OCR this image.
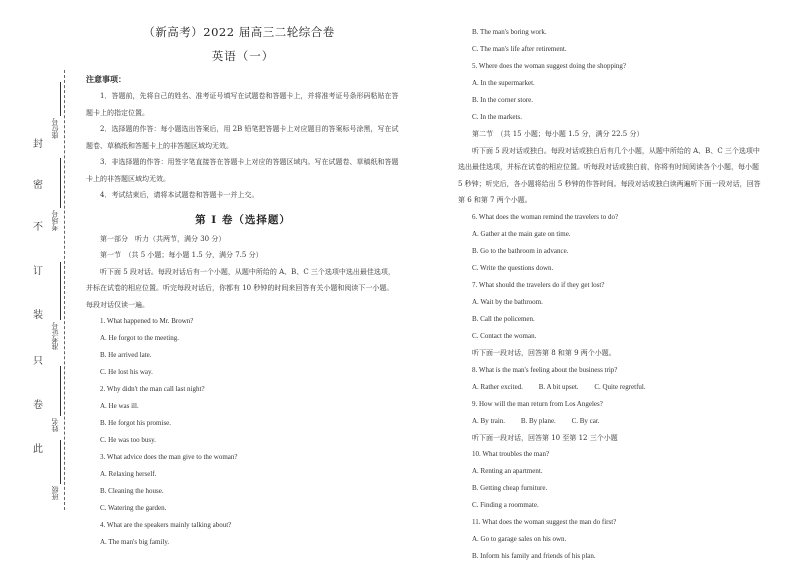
封
密
不
订
装
只
卷
此
座位号
考场号
准考证号
姓名
班级
（新高考）2022 届高三二轮综合卷
英语（一）
注意事项：

1．答题前，先将自己的姓名、准考证号填写在试题卷和答题卡上，并将准考证号条形码粘贴在答题卡上的指定位置。

2．选择题的作答：每小题选出答案后，用 2B 铅笔把答题卡上对应题目的答案标号涂黑，写在试题卷、草稿纸和答题卡上的非答题区域均无效。

3．非选择题的作答：用签字笔直接答在答题卡上对应的答题区域内。写在试题卷、草稿纸和答题卡上的非答题区域均无效。

4．考试结束后，请将本试题卷和答题卡一并上交。

第 I 卷（选择题）
第一部分　听力（共两节，满分 30 分）
第一节　（共 5 小题；每小题 1.5 分，满分 7.5 分）

听下面 5 段对话。每段对话后有一个小题，从题中所给的 A、B、C 三个选项中选出最佳选项，并标在试卷的相应位置。听完每段对话后，你都有 10 秒钟的时间来回答有关小题和阅读下一小题。每段对话仅读一遍。

1. What happened to Mr. Brown?
A. He forgot to the meeting.
B. He arrived late.
C. He lost his way.
2. Why didn't the man call last night?
A. He was ill.
B. He forgot his promise.
C. He was too busy.
3. What advice does the man give to the woman?
A. Relaxing herself.
B. Cleaning the house.
C. Watering the garden.
4. What are the speakers mainly talking about?
A. The man's big family.
B. The man's boring work.
C. The man's life after retirement.
5. Where does the woman suggest doing the shopping?
A. In the supermarket.
B. In the corner store.
C. In the markets.
第二节　（共 15 小题；每小题 1.5 分，满分 22.5 分）

听下面 5 段对话或独白。每段对话或独白后有几个小题，从题中所给的 A、B、C 三个选项中选出最佳选项，并标在试卷的相应位置。听每段对话或独白前，你将有时间阅读各个小题，每小题 5 秒钟；听完后，各小题将给出 5 秒钟的作答时间。每段对话或独白读两遍听下面一段对话，回答第 6 和第 7 两个小题。

6. What does the woman remind the travelers to do?
A. Gather at the main gate on time.
B. Go to the bathroom in advance.
C. Write the questions down.
7. What should the travelers do if they get lost?
A. Wait by the bathroom.
B. Call the policemen.
C. Contact the woman.
听下面一段对话，回答第 8 和第 9 两个小题。
8. What is the man's feeling about the business trip?
A. Rather excited. B. A bit upset. C. Quite regretful.
9. How will the man return from Los Angeles?
A. By train. B. By plane. C. By car.
听下面一段对话，回答第 10 至第 12 三个小题
10. What troubles the man?
A. Renting an apartment.
B. Getting cheap furniture.
C. Finding a roommate.
11. What does the woman suggest the man do first?
A. Go to garage sales on his own.
B. Inform his family and friends of his plan.
